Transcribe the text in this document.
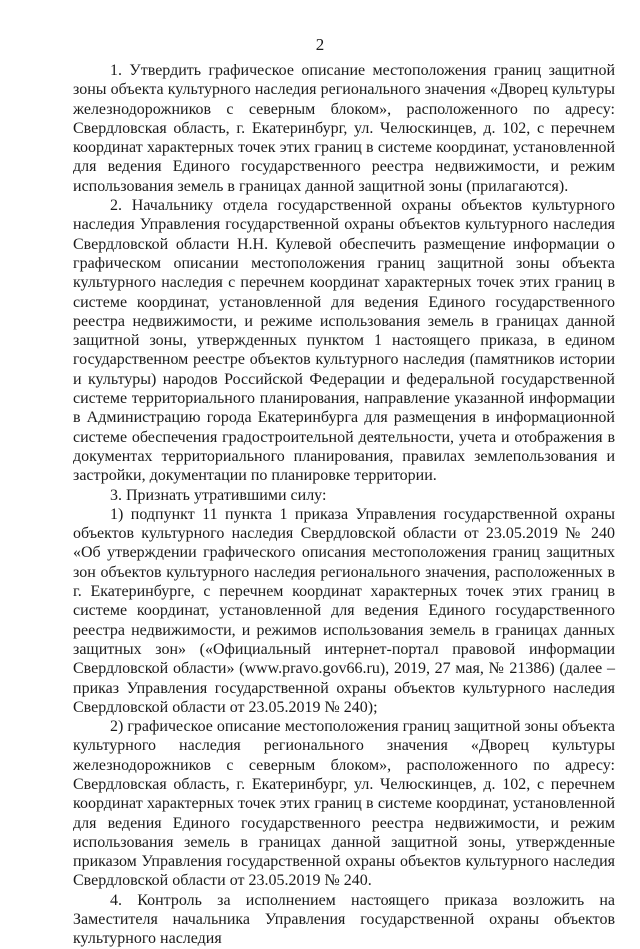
2

1. Утвердить графическое описание местоположения границ защитной зоны объекта культурного наследия регионального значения «Дворец культуры железнодорожников с северным блоком», расположенного по адресу: Свердловская область, г. Екатеринбург, ул. Челюскинцев, д. 102, с перечнем координат характерных точек этих границ в системе координат, установленной для ведения Единого государственного реестра недвижимости, и режим использования земель в границах данной защитной зоны (прилагаются).

2. Начальнику отдела государственной охраны объектов культурного наследия Управления государственной охраны объектов культурного наследия Свердловской области Н.Н. Кулевой обеспечить размещение информации о графическом описании местоположения границ защитной зоны объекта культурного наследия с перечнем координат характерных точек этих границ в системе координат, установленной для ведения Единого государственного реестра недвижимости, и режиме использования земель в границах данной защитной зоны, утвержденных пунктом 1 настоящего приказа, в едином государственном реестре объектов культурного наследия (памятников истории и культуры) народов Российской Федерации и федеральной государственной системе территориального планирования, направление указанной информации в Администрацию города Екатеринбурга для размещения в информационной системе обеспечения градостроительной деятельности, учета и отображения в документах территориального планирования, правилах землепользования и застройки, документации по планировке территории.

3. Признать утратившими силу:

1) подпункт 11 пункта 1 приказа Управления государственной охраны объектов культурного наследия Свердловской области от 23.05.2019 № 240 «Об утверждении графического описания местоположения границ защитных зон объектов культурного наследия регионального значения, расположенных в г. Екатеринбурге, с перечнем координат характерных точек этих границ в системе координат, установленной для ведения Единого государственного реестра недвижимости, и режимов использования земель в границах данных защитных зон» («Официальный интернет-портал правовой информации Свердловской области» (www.pravo.gov66.ru), 2019, 27 мая, № 21386) (далее – приказ Управления государственной охраны объектов культурного наследия Свердловской области от 23.05.2019 № 240);

2) графическое описание местоположения границ защитной зоны объекта культурного наследия регионального значения «Дворец культуры железнодорожников с северным блоком», расположенного по адресу: Свердловская область, г. Екатеринбург, ул. Челюскинцев, д. 102, с перечнем координат характерных точек этих границ в системе координат, установленной для ведения Единого государственного реестра недвижимости, и режим использования земель в границах данной защитной зоны, утвержденные приказом Управления государственной охраны объектов культурного наследия Свердловской области от 23.05.2019 № 240.

4. Контроль за исполнением настоящего приказа возложить на Заместителя начальника Управления государственной охраны объектов культурного наследия
